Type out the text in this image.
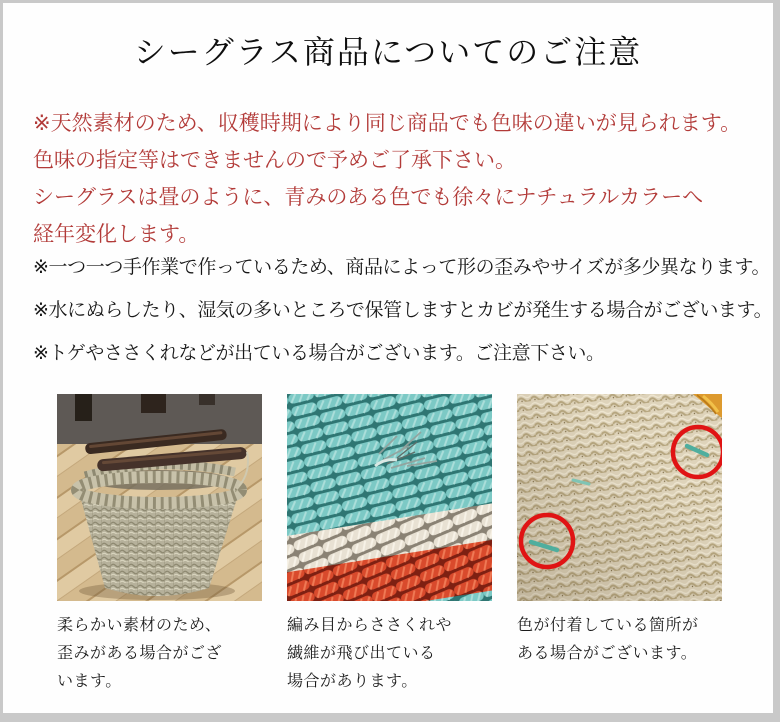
シーグラス商品についてのご注意
※天然素材のため、収穫時期により同じ商品でも色味の違いが見られます。
色味の指定等はできませんので予めご了承下さい。
シーグラスは畳のように、青みのある色でも徐々にナチュラルカラーへ
経年変化します。

※一つ一つ手作業で作っているため、商品によって形の歪みやサイズが多少異なります。

※水にぬらしたり、湿気の多いところで保管しますとカビが発生する場合がございます。

※トゲやささくれなどが出ている場合がございます。ご注意下さい。

柔らかい素材のため、
歪みがある場合がござ
います。
編み目からささくれや
繊維が飛び出ている
場合があります。
色が付着している箇所が
ある場合がございます。
